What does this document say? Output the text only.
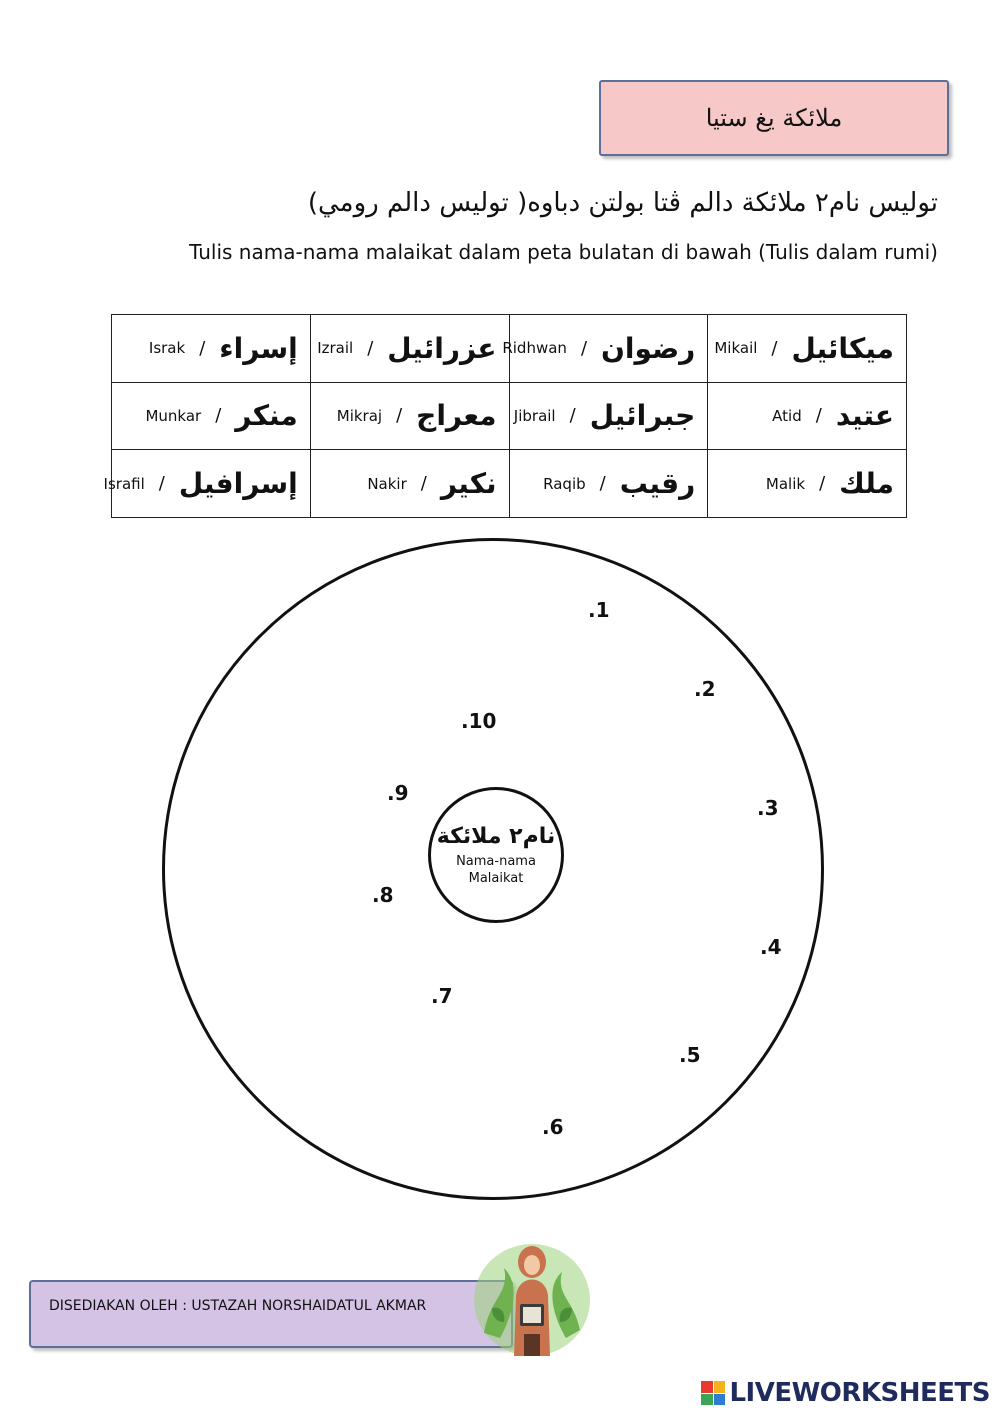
ملائكة يغ ستيا
توليس نام٢ ملائكة دالم ڤتا بولتن دباوه( توليس دالم رومي)
Tulis nama-nama malaikat dalam peta bulatan di bawah (Tulis dalam rumi)
Israk / إسراء	Izrail / عزرائيل	Ridhwan / رضوان	Mikail / ميكائيل

Munkar / منكر	Mikraj / معراج	Jibrail / جبرائيل	Atid / عتيد

Israfil / إسرافيل	Nakir / نكير	Raqib / رقيب	Malik / ملك
نام٢ ملائكة
Nama-nama
Malaikat
.1
.2
.3
.4
.5
.6
.7
.8
.9
.10
DISEDIAKAN OLEH : USTAZAH NORSHAIDATUL AKMAR
LIVEWORKSHEETS
